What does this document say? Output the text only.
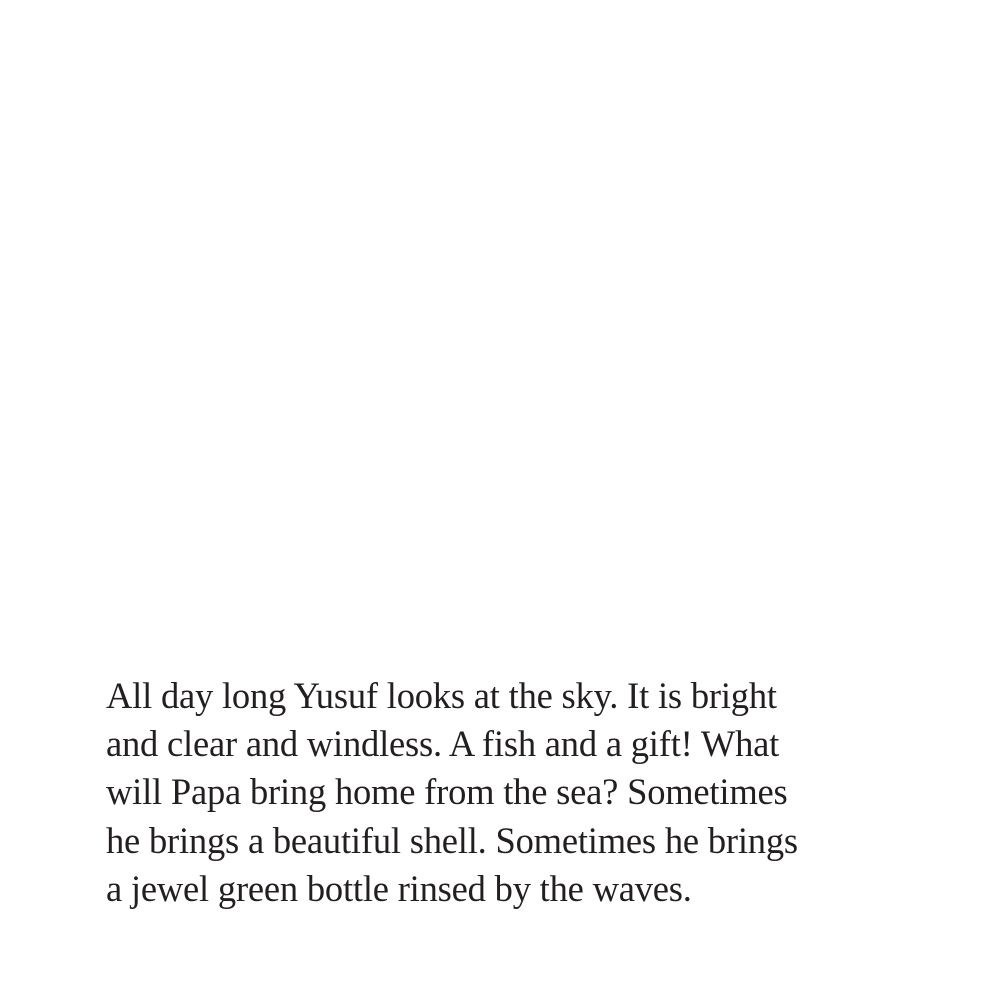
All day long Yusuf looks at the sky. It is bright
and clear and windless. A fish and a gift! What
will Papa bring home from the sea? Sometimes
he brings a beautiful shell. Sometimes he brings
a jewel green bottle rinsed by the waves.
